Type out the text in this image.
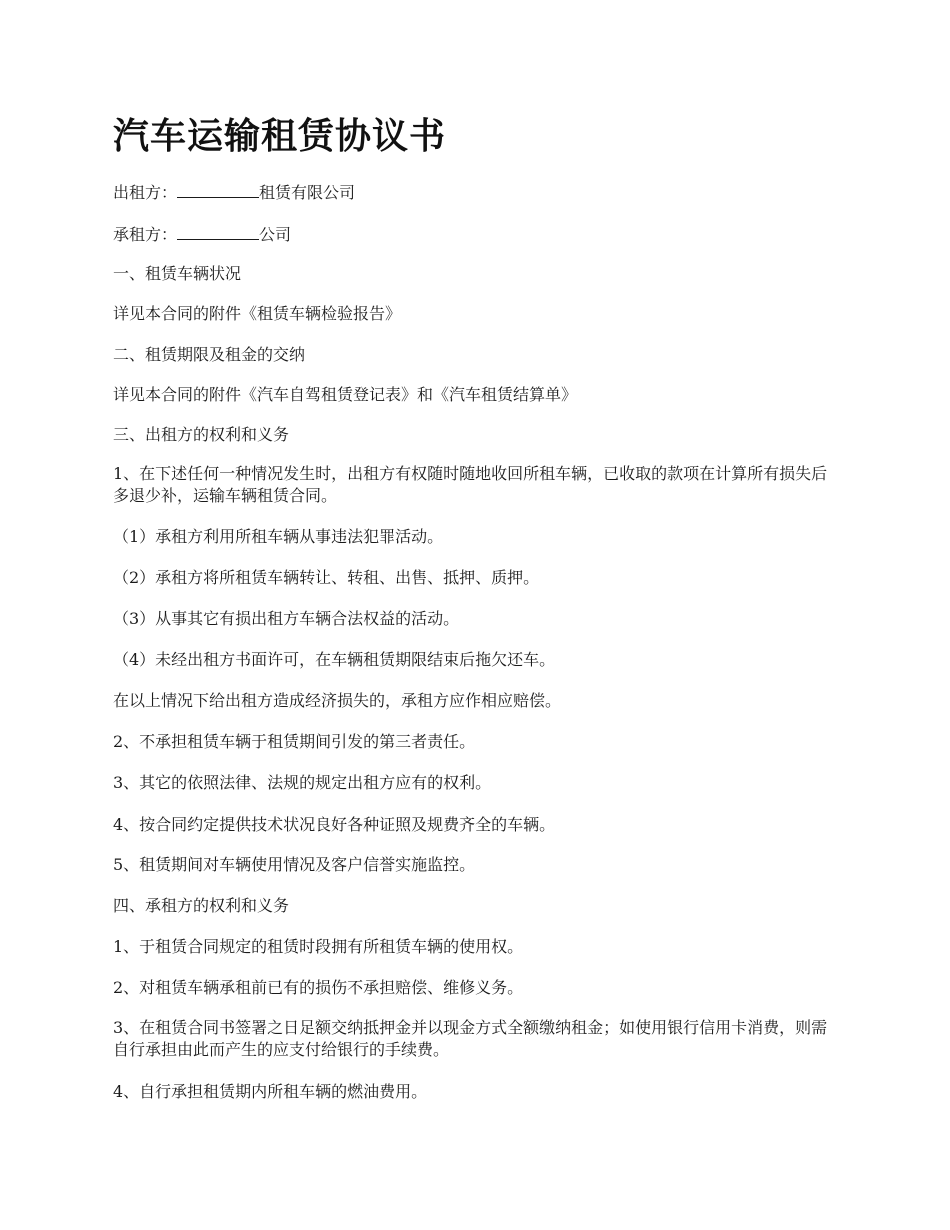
汽车运输租赁协议书

出租方：	租赁有限公司

承租方：	公司

一、租赁车辆状况

详见本合同的附件《租赁车辆检验报告》

二、租赁期限及租金的交纳

详见本合同的附件《汽车自驾租赁登记表》和《汽车租赁结算单》

三、出租方的权利和义务

1、在下述任何一种情况发生时，出租方有权随时随地收回所租车辆，已收取的款项在计算所有损失后多退少补，运输车辆租赁合同。

（1）承租方利用所租车辆从事违法犯罪活动。

（2）承租方将所租赁车辆转让、转租、出售、抵押、质押。

（3）从事其它有损出租方车辆合法权益的活动。

（4）未经出租方书面许可，在车辆租赁期限结束后拖欠还车。

在以上情况下给出租方造成经济损失的，承租方应作相应赔偿。

2、不承担租赁车辆于租赁期间引发的第三者责任。

3、其它的依照法律、法规的规定出租方应有的权利。

4、按合同约定提供技术状况良好各种证照及规费齐全的车辆。

5、租赁期间对车辆使用情况及客户信誉实施监控。

四、承租方的权利和义务

1、于租赁合同规定的租赁时段拥有所租赁车辆的使用权。

2、对租赁车辆承租前已有的损伤不承担赔偿、维修义务。

3、在租赁合同书签署之日足额交纳抵押金并以现金方式全额缴纳租金；如使用银行信用卡消费，则需自行承担由此而产生的应支付给银行的手续费。

4、自行承担租赁期内所租车辆的燃油费用。
